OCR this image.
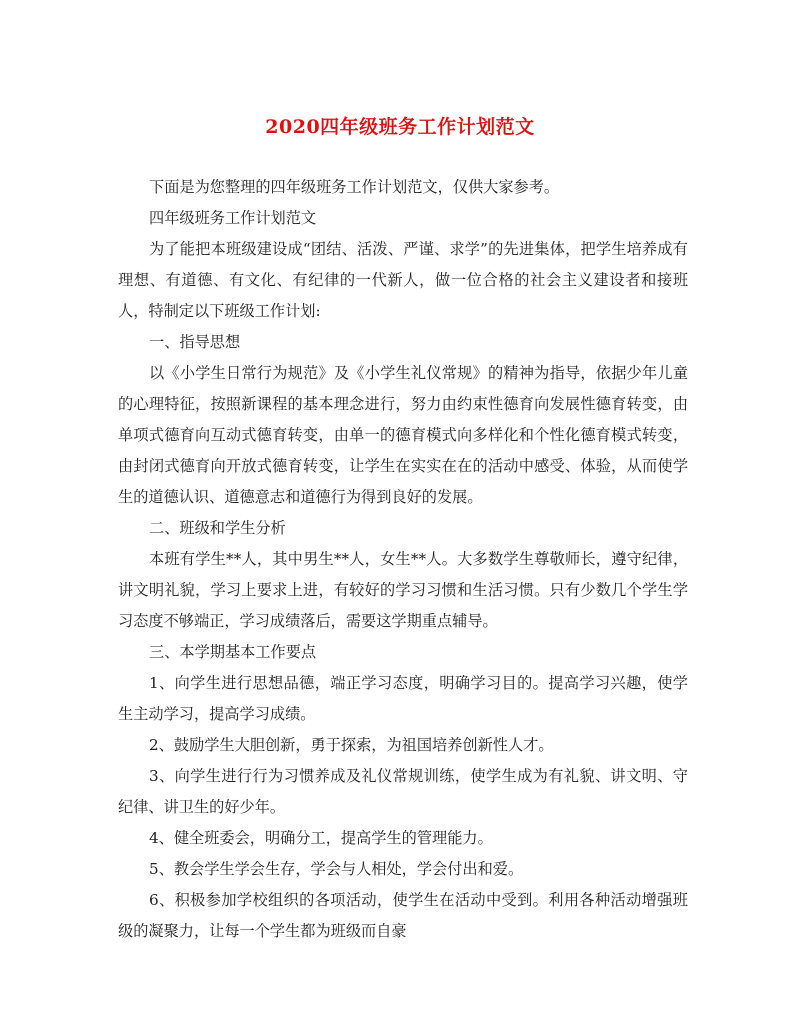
2020四年级班务工作计划范文

下面是为您整理的四年级班务工作计划范文，仅供大家参考。

四年级班务工作计划范文

为了能把本班级建设成“团结、活泼、严谨、求学”的先进集体，把学生培养成有理想、有道德、有文化、有纪律的一代新人，做一位合格的社会主义建设者和接班人，特制定以下班级工作计划:

一、指导思想

以《小学生日常行为规范》及《小学生礼仪常规》的精神为指导，依据少年儿童的心理特征，按照新课程的基本理念进行，努力由约束性德育向发展性德育转变，由单项式德育向互动式德育转变，由单一的德育模式向多样化和个性化德育模式转变，由封闭式德育向开放式德育转变，让学生在实实在在的活动中感受、体验，从而使学生的道德认识、道德意志和道德行为得到良好的发展。

二、班级和学生分析

本班有学生**人，其中男生**人，女生**人。大多数学生尊敬师长，遵守纪律，讲文明礼貌，学习上要求上进，有较好的学习习惯和生活习惯。只有少数几个学生学习态度不够端正，学习成绩落后，需要这学期重点辅导。

三、本学期基本工作要点

1、向学生进行思想品德，端正学习态度，明确学习目的。提高学习兴趣，使学生主动学习，提高学习成绩。

2、鼓励学生大胆创新，勇于探索，为祖国培养创新性人才。

3、向学生进行行为习惯养成及礼仪常规训练，使学生成为有礼貌、讲文明、守纪律、讲卫生的好少年。

4、健全班委会，明确分工，提高学生的管理能力。

5、教会学生学会生存，学会与人相处，学会付出和爱。

6、积极参加学校组织的各项活动，使学生在活动中受到。利用各种活动增强班级的凝聚力，让每一个学生都为班级而自豪
